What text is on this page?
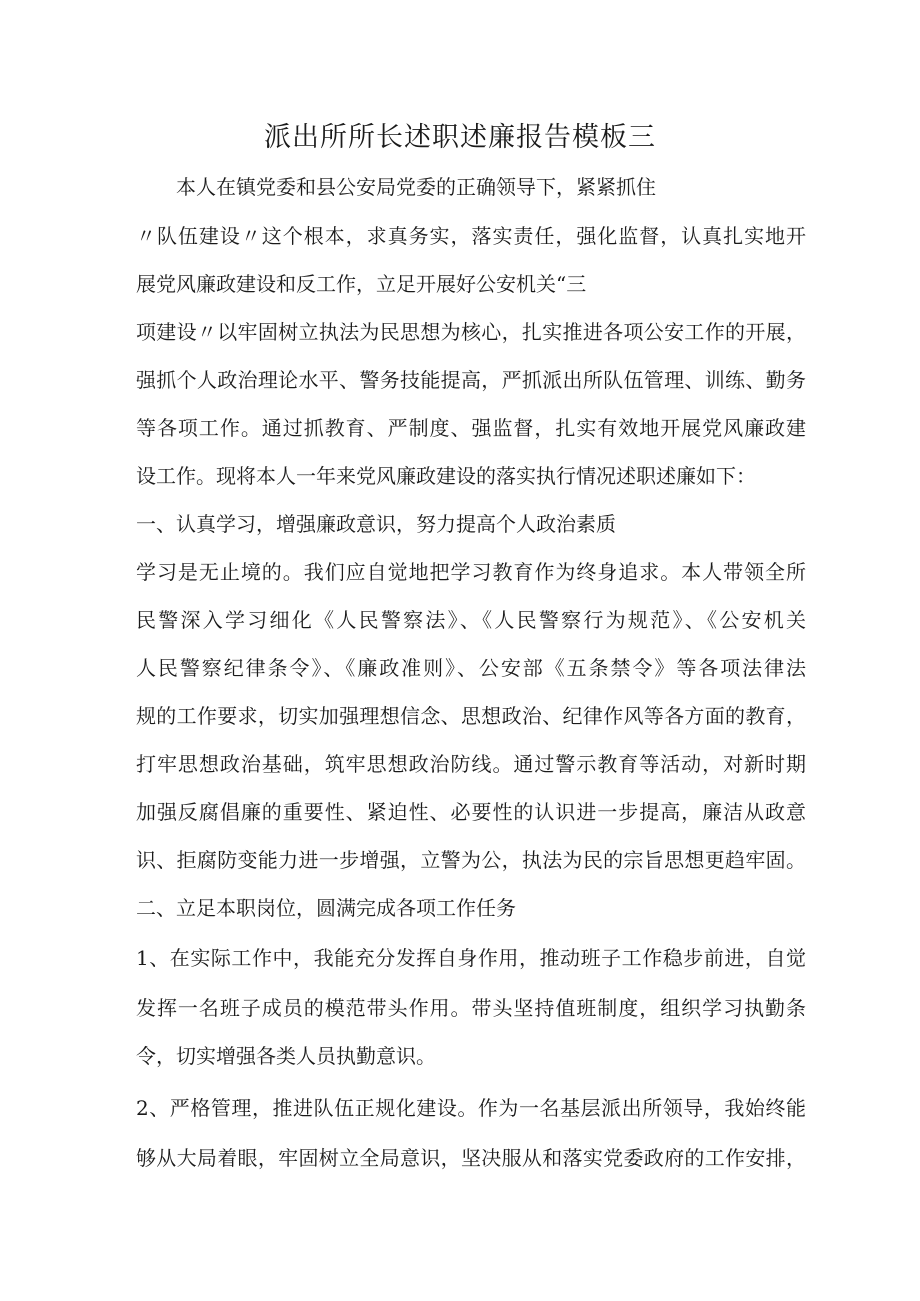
派出所所长述职述廉报告模板三
本人在镇党委和县公安局党委的正确领导下，紧紧抓住
〃队伍建设〃这个根本，求真务实，落实责任，强化监督，认真扎实地开
展党风廉政建设和反工作，立足开展好公安机关“三
项建设〃以牢固树立执法为民思想为核心，扎实推进各项公安工作的开展，
强抓个人政治理论水平、警务技能提高，严抓派出所队伍管理、训练、勤务
等各项工作。通过抓教育、严制度、强监督，扎实有效地开展党风廉政建
设工作。现将本人一年来党风廉政建设的落实执行情况述职述廉如下：
一、认真学习，增强廉政意识，努力提高个人政治素质
学习是无止境的。我们应自觉地把学习教育作为终身追求。本人带领全所
民警深入学习细化《人民警察法》、《人民警察行为规范》、《公安机关
人民警察纪律条令》、《廉政准则》、公安部《五条禁令》等各项法律法
规的工作要求，切实加强理想信念、思想政治、纪律作风等各方面的教育，
打牢思想政治基础，筑牢思想政治防线。通过警示教育等活动，对新时期
加强反腐倡廉的重要性、紧迫性、必要性的认识进一步提高，廉洁从政意
识、拒腐防变能力进一步增强，立警为公，执法为民的宗旨思想更趋牢固。
二、立足本职岗位，圆满完成各项工作任务
1、在实际工作中，我能充分发挥自身作用，推动班子工作稳步前进，自觉
发挥一名班子成员的模范带头作用。带头坚持值班制度，组织学习执勤条
令，切实增强各类人员执勤意识。
2、严格管理，推进队伍正规化建设。作为一名基层派出所领导，我始终能
够从大局着眼，牢固树立全局意识，坚决服从和落实党委政府的工作安排，
